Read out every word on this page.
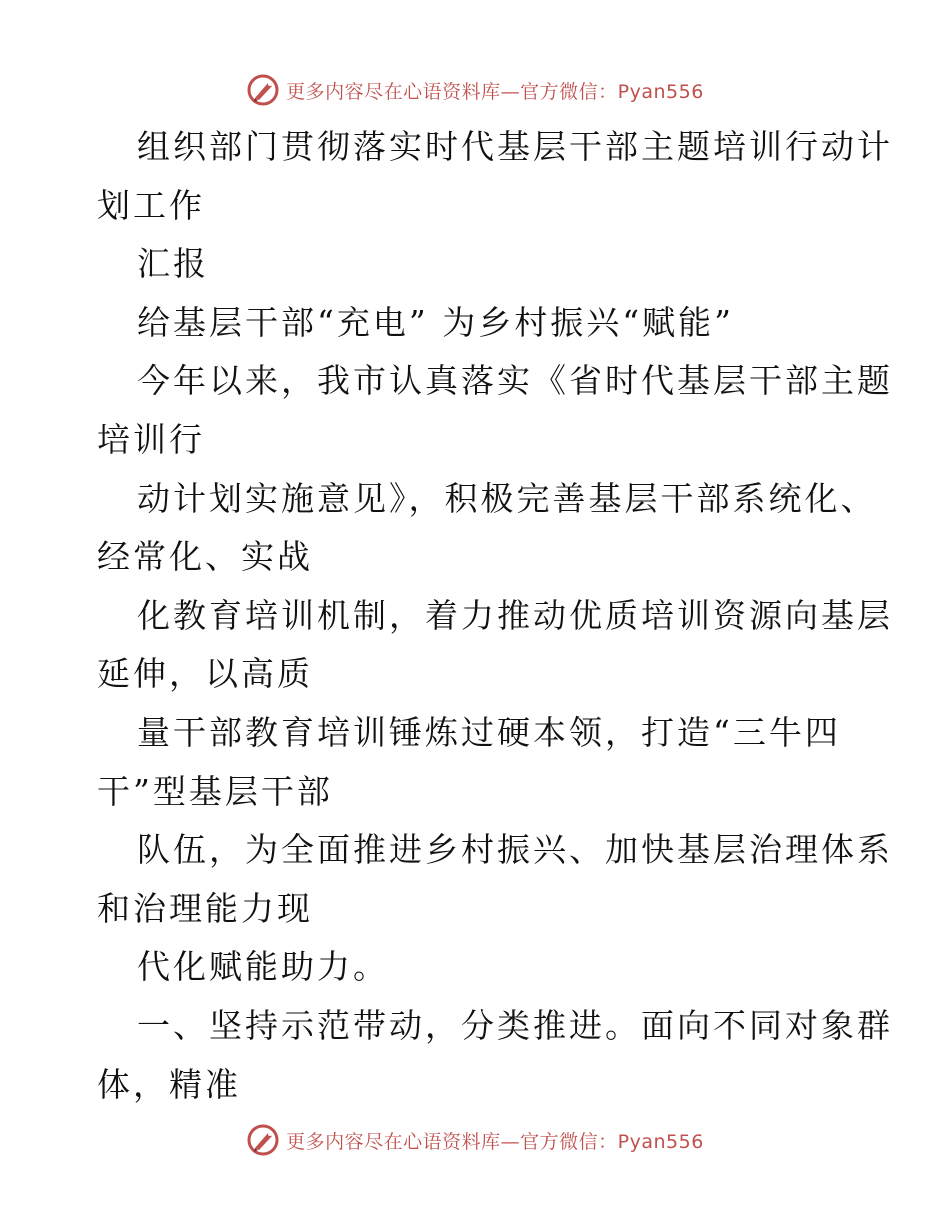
更多内容尽在心语资料库—官方微信：Pyan556
组织部门贯彻落实时代基层干部主题培训行动计
划工作
汇报
给基层干部“充电” 为乡村振兴“赋能”
今年以来，我市认真落实《省时代基层干部主题
培训行
动计划实施意见》，积极完善基层干部系统化、
经常化、实战
化教育培训机制，着力推动优质培训资源向基层
延伸，以高质
量干部教育培训锤炼过硬本领，打造“三牛四
干”型基层干部
队伍，为全面推进乡村振兴、加快基层治理体系
和治理能力现
代化赋能助力。
一、坚持示范带动，分类推进。面向不同对象群
体，精准
更多内容尽在心语资料库—官方微信：Pyan556
